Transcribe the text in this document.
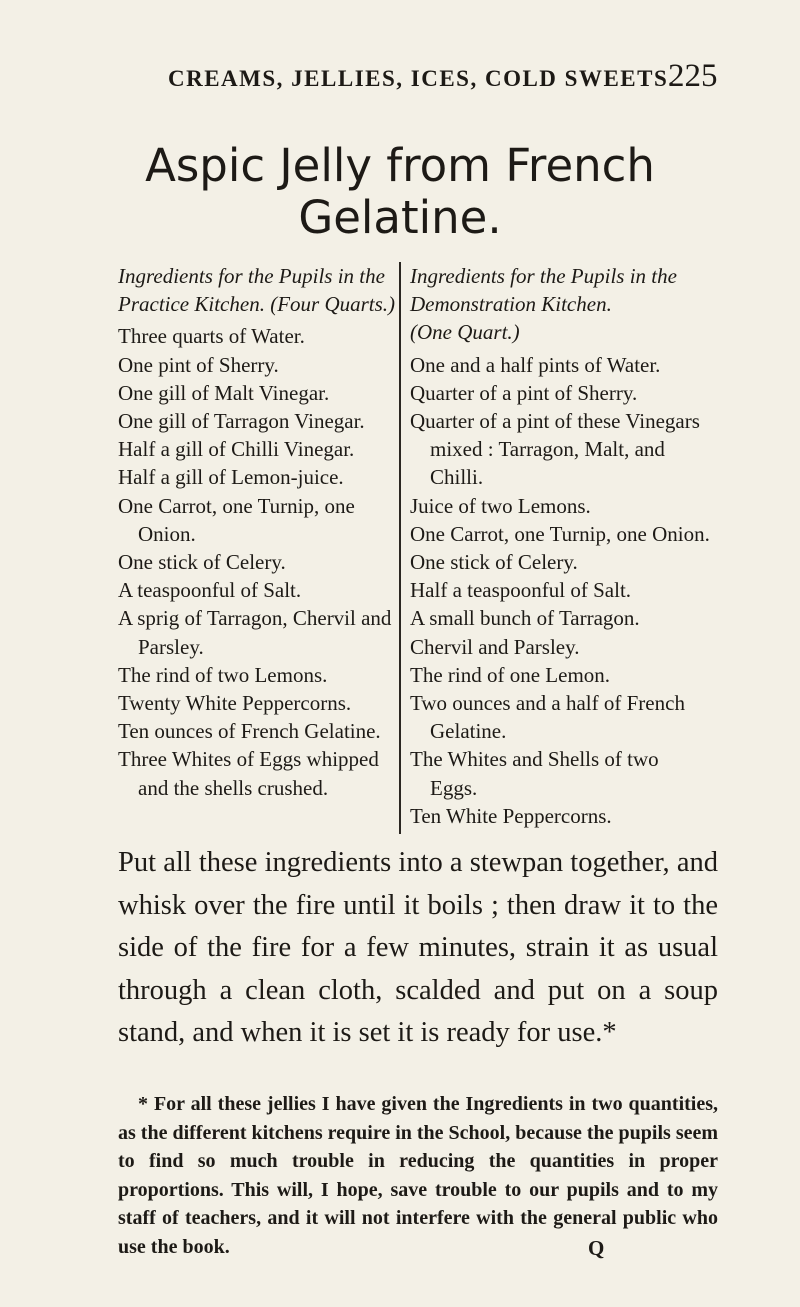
CREAMS, JELLIES, ICES, COLD SWEETS.
225
Aspic Jelly from French
Gelatine.
Ingredients for the Pupils in the Practice Kitchen. (Four Quarts.)
Three quarts of Water.
One pint of Sherry.
One gill of Malt Vinegar.
One gill of Tarragon Vinegar.
Half a gill of Chilli Vinegar.
Half a gill of Lemon-juice.
One Carrot, one Turnip, one Onion.
One stick of Celery.
A teaspoonful of Salt.
A sprig of Tarragon, Chervil and Parsley.
The rind of two Lemons.
Twenty White Peppercorns.
Ten ounces of French Gelatine.
Three Whites of Eggs whipped and the shells crushed.
Ingredients for the Pupils in the Demonstration Kitchen.
(One Quart.)
One and a half pints of Water.
Quarter of a pint of Sherry.
Quarter of a pint of these Vinegars mixed : Tarragon, Malt, and Chilli.
Juice of two Lemons.
One Carrot, one Turnip, one Onion.
One stick of Celery.
Half a teaspoonful of Salt.
A small bunch of Tarragon.
Chervil and Parsley.
The rind of one Lemon.
Two ounces and a half of French Gelatine.
The Whites and Shells of two Eggs.
Ten White Peppercorns.

Put all these ingredients into a stewpan together, and whisk over the fire until it boils ; then draw it to the side of the fire for a few minutes, strain it as usual through a clean cloth, scalded and put on a soup stand, and when it is set it is ready for use.*

* For all these jellies I have given the Ingredients in two quantities, as the different kitchens require in the School, because the pupils seem to find so much trouble in reducing the quantities in proper proportions. This will, I hope, save trouble to our pupils and to my staff of teachers, and it will not interfere with the general public who use the book.	Q
